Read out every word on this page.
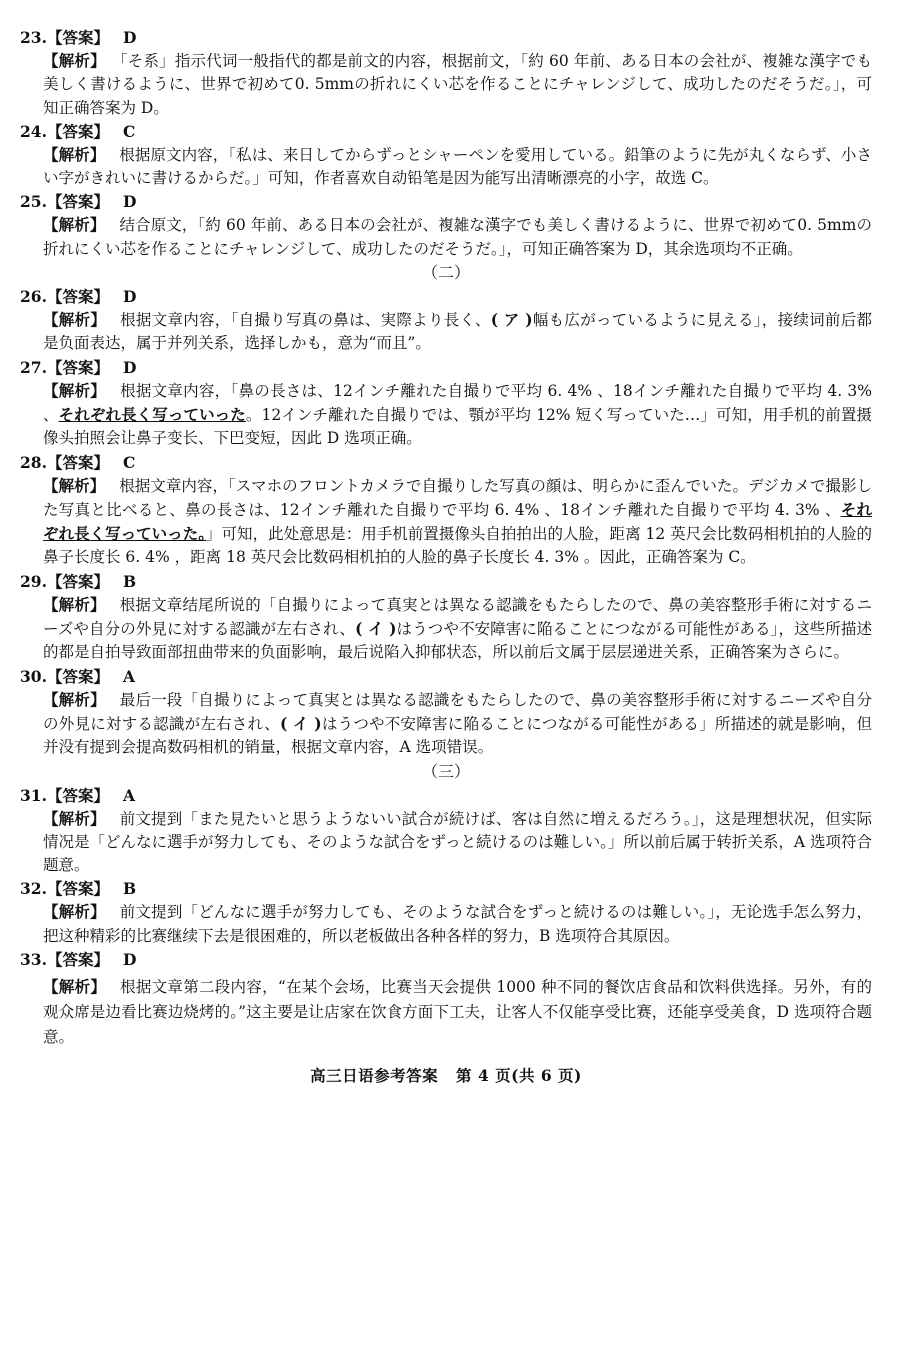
23.【答案】 D
【解析】 「そ系」指示代词一般指代的都是前文的内容，根据前文，「約 60 年前、ある日本の会社が、複雑な漢字でも美しく書けるように、世界で初めて0. 5mmの折れにくい芯を作ることにチャレンジして、成功したのだそうだ。」，可知正确答案为 D。
24.【答案】 C
【解析】 根据原文内容，「私は、来日してからずっとシャーペンを愛用している。鉛筆のように先が丸くならず、小さい字がきれいに書けるからだ。」可知，作者喜欢自动铅笔是因为能写出清晰漂亮的小字，故选 C。
25.【答案】 D
【解析】 结合原文，「約 60 年前、ある日本の会社が、複雑な漢字でも美しく書けるように、世界で初めて0. 5mmの折れにくい芯を作ることにチャレンジして、成功したのだそうだ。」，可知正确答案为 D，其余选项均不正确。
（二）
26.【答案】 D
【解析】 根据文章内容，「自撮り写真の鼻は、実際より長く、( ア )幅も広がっているように見える」，接续词前后都是负面表达，属于并列关系，选择しかも，意为“而且”。
27.【答案】 D
【解析】 根据文章内容，「鼻の長さは、12インチ離れた自撮りで平均 6. 4% 、18インチ離れた自撮りで平均 4. 3% 、それぞれ長く写っていった。12インチ離れた自撮りでは、顎が平均 12% 短く写っていた…」可知，用手机的前置摄像头拍照会让鼻子变长、下巴变短，因此 D 选项正确。
28.【答案】 C
【解析】 根据文章内容，「スマホのフロントカメラで自撮りした写真の顔は、明らかに歪んでいた。デジカメで撮影した写真と比べると、鼻の長さは、12インチ離れた自撮りで平均 6. 4% 、18インチ離れた自撮りで平均 4. 3% 、それぞれ長く写っていった。」可知，此处意思是：用手机前置摄像头自拍拍出的人脸，距离 12 英尺会比数码相机拍的人脸的鼻子长度长 6. 4% ，距离 18 英尺会比数码相机拍的人脸的鼻子长度长 4. 3% 。因此，正确答案为 C。
29.【答案】 B
【解析】 根据文章结尾所说的「自撮りによって真実とは異なる認識をもたらしたので、鼻の美容整形手術に対するニーズや自分の外見に対する認識が左右され、( イ )はうつや不安障害に陥ることにつながる可能性がある」，这些所描述的都是自拍导致面部扭曲带来的负面影响，最后说陷入抑郁状态，所以前后文属于层层递进关系，正确答案为さらに。
30.【答案】 A
【解析】 最后一段「自撮りによって真実とは異なる認識をもたらしたので、鼻の美容整形手術に対するニーズや自分の外見に対する認識が左右され、( イ )はうつや不安障害に陥ることにつながる可能性がある」所描述的就是影响，但并没有提到会提高数码相机的销量，根据文章内容，A 选项错误。
（三）
31.【答案】 A
【解析】 前文提到「また見たいと思うようないい試合が続けば、客は自然に増えるだろう。」，这是理想状况，但实际情况是「どんなに選手が努力しても、そのような試合をずっと続けるのは難しい。」所以前后属于转折关系，A 选项符合题意。
32.【答案】 B
【解析】 前文提到「どんなに選手が努力しても、そのような試合をずっと続けるのは難しい。」，无论选手怎么努力，把这种精彩的比赛继续下去是很困难的，所以老板做出各种各样的努力，B 选项符合其原因。
33.【答案】 D
【解析】 根据文章第二段内容，“在某个会场，比赛当天会提供 1000 种不同的餐饮店食品和饮料供选择。另外，有的观众席是边看比赛边烧烤的。”这主要是让店家在饮食方面下工夫，让客人不仅能享受比赛，还能享受美食，D 选项符合题意。
高三日语参考答案 第 4 页(共 6 页)
